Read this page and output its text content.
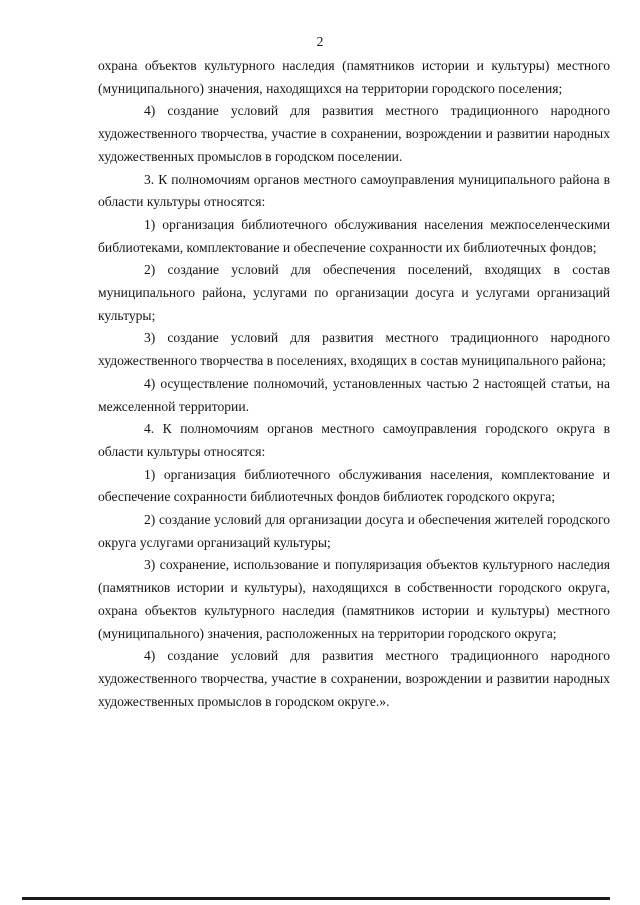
2

охрана объектов культурного наследия (памятников истории и культуры) местного (муниципального) значения, находящихся на территории городского поселения;

4) создание условий для развития местного традиционного народного художественного творчества, участие в сохранении, возрождении и развитии народных художественных промыслов в городском поселении.

3. К полномочиям органов местного самоуправления муниципального района в области культуры относятся:

1) организация библиотечного обслуживания населения межпоселенческими библиотеками, комплектование и обеспечение сохранности их библиотечных фондов;

2) создание условий для обеспечения поселений, входящих в состав муниципального района, услугами по организации досуга и услугами организаций культуры;

3) создание условий для развития местного традиционного народного художественного творчества в поселениях, входящих в состав муниципального района;

4) осуществление полномочий, установленных частью 2 настоящей статьи, на межселенной территории.

4. К полномочиям органов местного самоуправления городского округа в области культуры относятся:

1) организация библиотечного обслуживания населения, комплектование и обеспечение сохранности библиотечных фондов библиотек городского округа;

2) создание условий для организации досуга и обеспечения жителей городского округа услугами организаций культуры;

3) сохранение, использование и популяризация объектов культурного наследия (памятников истории и культуры), находящихся в собственности городского округа, охрана объектов культурного наследия (памятников истории и культуры) местного (муниципального) значения, расположенных на территории городского округа;

4) создание условий для развития местного традиционного народного художественного творчества, участие в сохранении, возрождении и развитии народных художественных промыслов в городском округе.».
